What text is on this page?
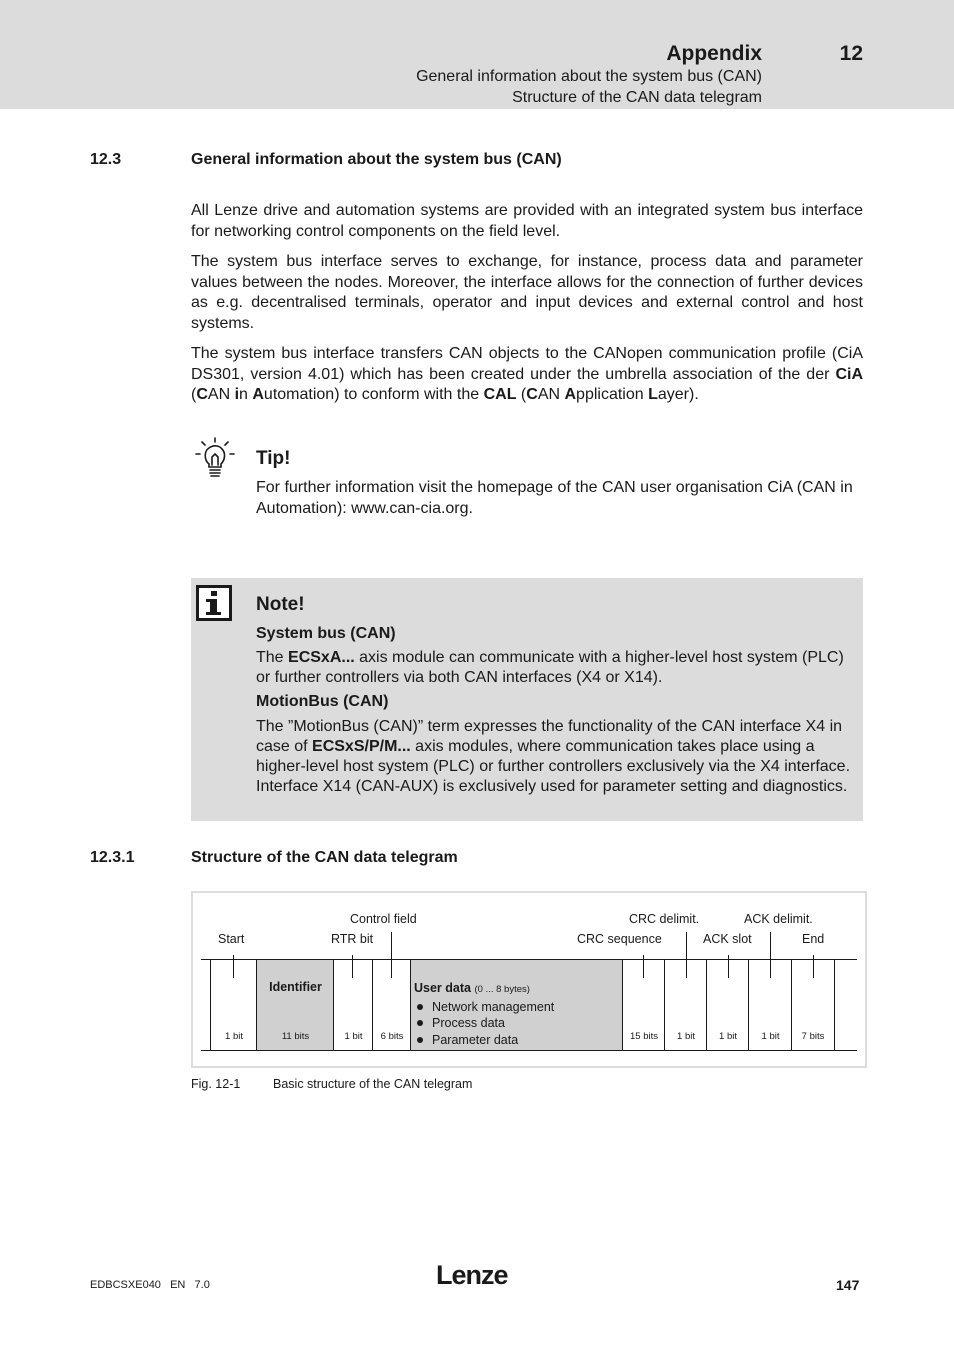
Appendix	12
General information about the system bus (CAN)
Structure of the CAN data telegram
12.3	General information about the system bus (CAN)

All Lenze drive and automation systems are provided with an integrated system bus interface for networking control components on the field level.

The system bus interface serves to exchange, for instance, process data and parameter values between the nodes. Moreover, the interface allows for the connection of further devices as e.g. decentralised terminals, operator and input devices and external control and host systems.

The system bus interface transfers CAN objects to the CANopen communication profile (CiA DS301, version 4.01) which has been created under the umbrella association of the der CiA (CAN in Automation) to conform with the CAL (CAN Application Layer).

Tip!
For further information visit the homepage of the CAN user organisation CiA (CAN in Automation): www.can-cia.org.
Note!
System bus (CAN)
The ECSxA... axis module can communicate with a higher-level host system (PLC) or further controllers via both CAN interfaces (X4 or X14).
MotionBus (CAN)
The ”MotionBus (CAN)” term expresses the functionality of the CAN interface X4 in case of ECSxS/P/M... axis modules, where communication takes place using a higher-level host system (PLC) or further controllers exclusively via the X4 interface. Interface X14 (CAN-AUX) is exclusively used for parameter setting and diagnostics.
12.3.1	Structure of the CAN data telegram
Control field	CRC delimit.	ACK delimit.
Start	RTR bit	CRC sequence	ACK slot	End
1 bit
Identifier
11 bits	1 bit	6 bits
User data (0 ... 8 bytes)
Network management
Process data
Parameter data	15 bits	1 bit	1 bit	1 bit	7 bits
Fig. 12-1	Basic structure of the CAN telegram
EDBCSXE040   EN   7.0	Lenze	147
